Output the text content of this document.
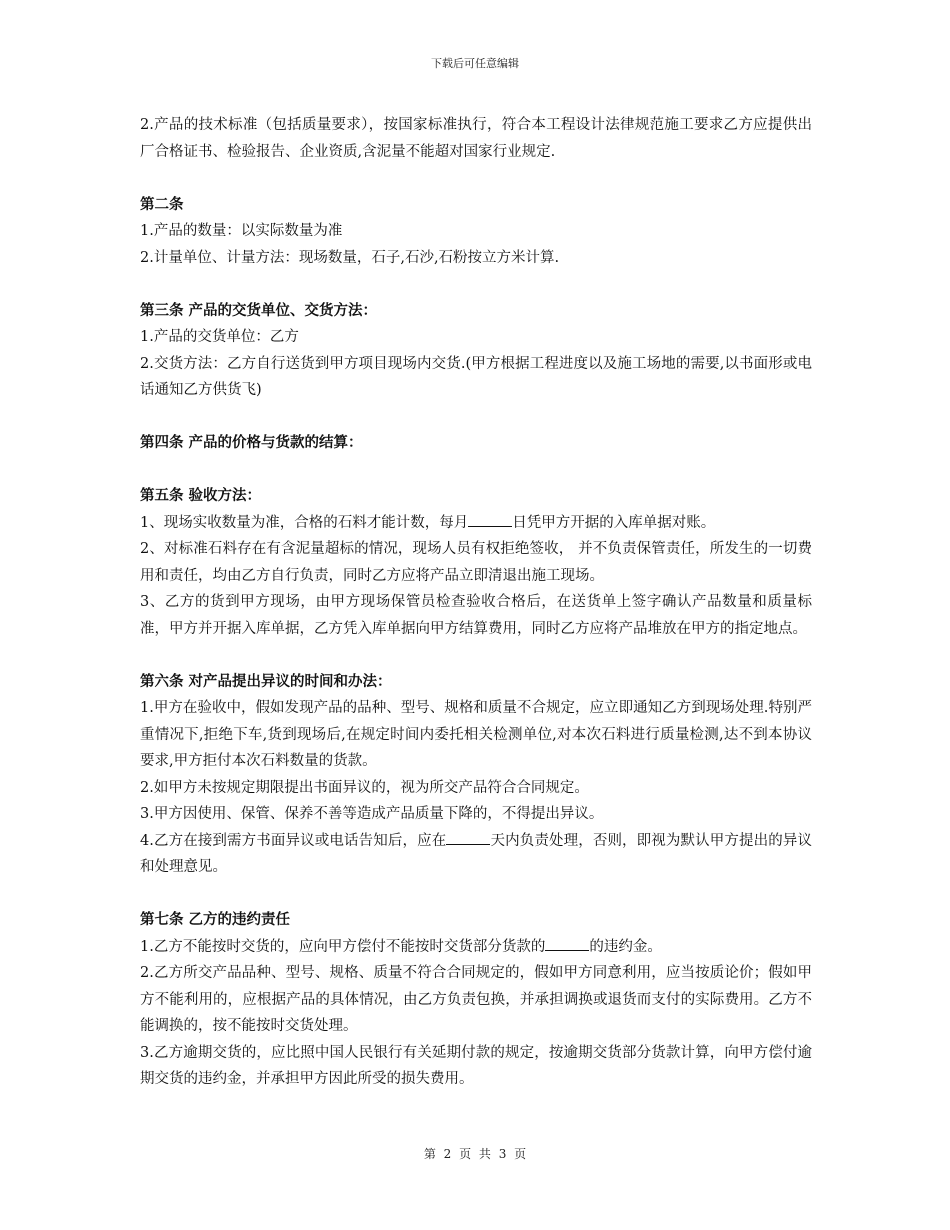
下载后可任意编辑

2.产品的技术标准（包括质量要求），按国家标准执行，符合本工程设计法律规范施工要求乙方应提供出厂合格证书、检验报告、企业资质,含泥量不能超对国家行业规定.

第二条

1.产品的数量：以实际数量为准

2.计量单位、计量方法：现场数量，石子,石沙,石粉按立方米计算.

第三条 产品的交货单位、交货方法：

1.产品的交货单位：乙方

2.交货方法：乙方自行送货到甲方项目现场内交货.(甲方根据工程进度以及施工场地的需要,以书面形或电话通知乙方供货飞)

第四条 产品的价格与货款的结算：

第五条 验收方法：

1、现场实收数量为准，合格的石料才能计数，每月	日凭甲方开据的入库单据对账。

2、对标准石料存在有含泥量超标的情况，现场人员有权拒绝签收， 并不负责保管责任，所发生的一切费用和责任，均由乙方自行负责，同时乙方应将产品立即清退出施工现场。

3、乙方的货到甲方现场，由甲方现场保管员检查验收合格后，在送货单上签字确认产品数量和质量标准，甲方并开据入库单据，乙方凭入库单据向甲方结算费用，同时乙方应将产品堆放在甲方的指定地点。

第六条 对产品提出异议的时间和办法：

1.甲方在验收中，假如发现产品的品种、型号、规格和质量不合规定，应立即通知乙方到现场处理.特别严重情况下,拒绝下车,货到现场后,在规定时间内委托相关检测单位,对本次石料进行质量检测,达不到本协议要求,甲方拒付本次石料数量的货款。

2.如甲方未按规定期限提出书面异议的，视为所交产品符合合同规定。

3.甲方因使用、保管、保养不善等造成产品质量下降的，不得提出异议。

4.乙方在接到需方书面异议或电话告知后，应在	天内负责处理，否则，即视为默认甲方提出的异议和处理意见。

第七条 乙方的违约责任

1.乙方不能按时交货的，应向甲方偿付不能按时交货部分货款的	的违约金。

2.乙方所交产品品种、型号、规格、质量不符合合同规定的，假如甲方同意利用，应当按质论价；假如甲方不能利用的，应根据产品的具体情况，由乙方负责包换，并承担调换或退货而支付的实际费用。乙方不能调换的，按不能按时交货处理。

3.乙方逾期交货的，应比照中国人民银行有关延期付款的规定，按逾期交货部分货款计算，向甲方偿付逾期交货的违约金，并承担甲方因此所受的损失费用。

第 2 页 共 3 页
